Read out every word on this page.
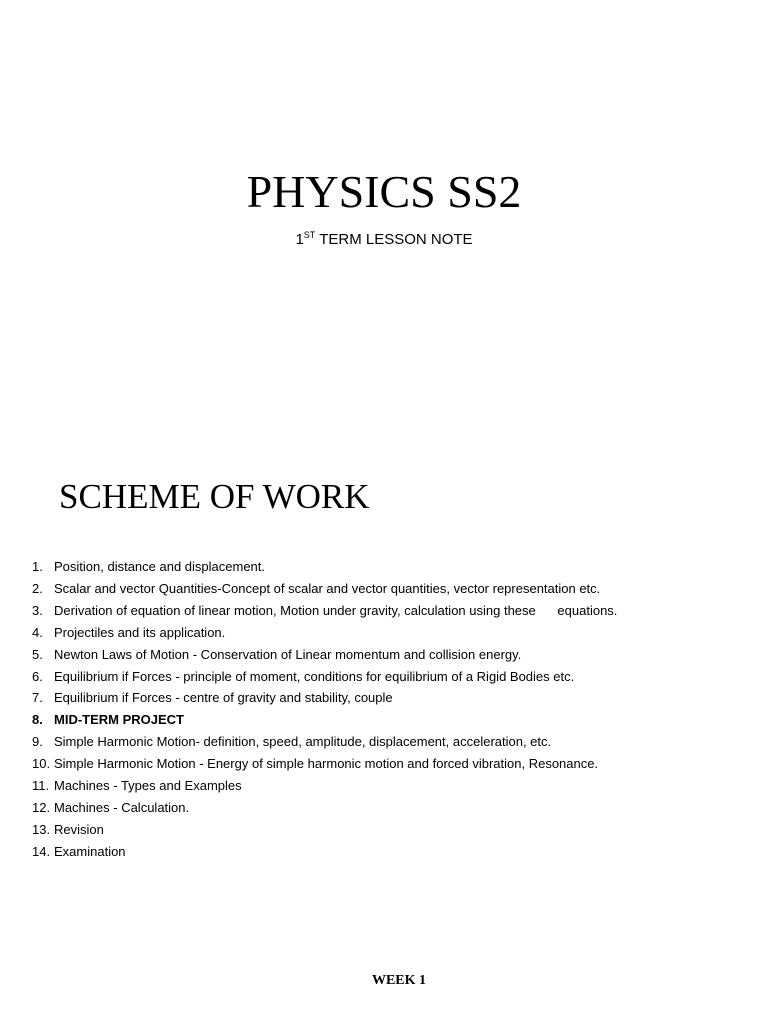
PHYSICS SS2
1ST TERM LESSON NOTE
SCHEME OF WORK
1. Position, distance and displacement.
2. Scalar and vector Quantities-Concept of scalar and vector quantities, vector representation etc.
3. Derivation of equation of linear motion, Motion under gravity, calculation using these      equations.
4. Projectiles and its application.
5. Newton Laws of Motion - Conservation of Linear momentum and collision energy.
6. Equilibrium if Forces - principle of moment, conditions for equilibrium of a Rigid Bodies etc.
7. Equilibrium if Forces - centre of gravity and stability, couple
8. MID-TERM PROJECT
9. Simple Harmonic Motion- definition, speed, amplitude, displacement, acceleration, etc.
10. Simple Harmonic Motion - Energy of simple harmonic motion and forced vibration, Resonance.
11. Machines - Types and Examples
12. Machines - Calculation.
13. Revision
14. Examination
WEEK 1
